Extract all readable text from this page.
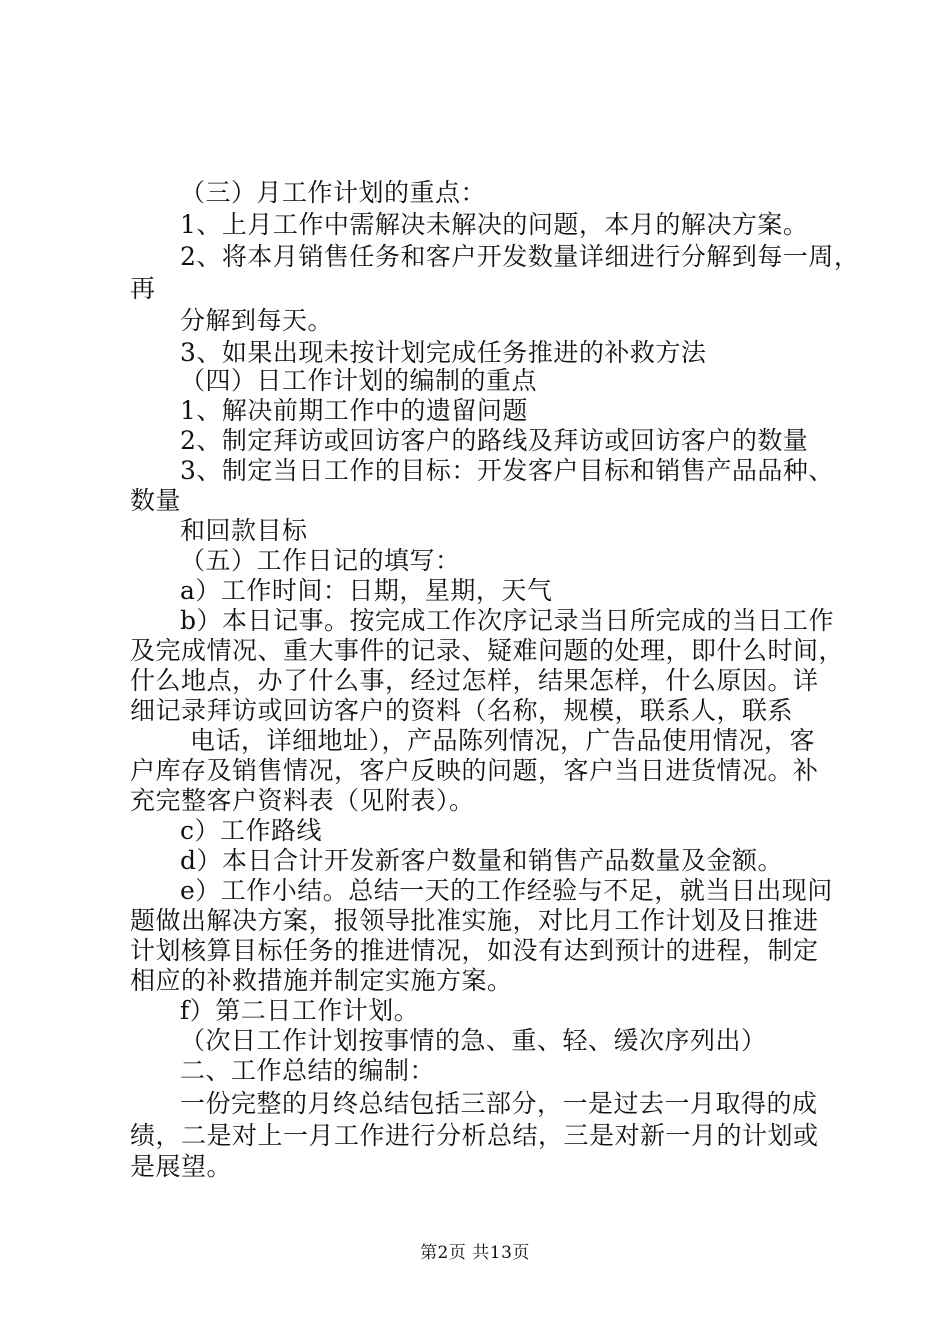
（三）月工作计划的重点：
1、上月工作中需解决未解决的问题，本月的解决方案。
2、将本月销售任务和客户开发数量详细进行分解到每一周，
再
分解到每天。
3、如果出现未按计划完成任务推进的补救方法
（四）日工作计划的编制的重点
1、解决前期工作中的遗留问题
2、制定拜访或回访客户的路线及拜访或回访客户的数量
3、制定当日工作的目标：开发客户目标和销售产品品种、
数量
和回款目标
（五）工作日记的填写：
a）工作时间：日期，星期，天气
b）本日记事。按完成工作次序记录当日所完成的当日工作
及完成情况、重大事件的记录、疑难问题的处理，即什么时间，
什么地点，办了什么事，经过怎样，结果怎样，什么原因。详
细记录拜访或回访客户的资料（名称，规模，联系人，联系
电话，详细地址），产品陈列情况，广告品使用情况，客
户库存及销售情况，客户反映的问题，客户当日进货情况。补
充完整客户资料表（见附表）。
c）工作路线
d）本日合计开发新客户数量和销售产品数量及金额。
e）工作小结。总结一天的工作经验与不足，就当日出现问
题做出解决方案，报领导批准实施，对比月工作计划及日推进
计划核算目标任务的推进情况，如没有达到预计的进程，制定
相应的补救措施并制定实施方案。
f）第二日工作计划。
（次日工作计划按事情的急、重、轻、缓次序列出）
二、工作总结的编制：
一份完整的月终总结包括三部分，一是过去一月取得的成
绩，二是对上一月工作进行分析总结，三是对新一月的计划或
是展望。
第2页 共13页
